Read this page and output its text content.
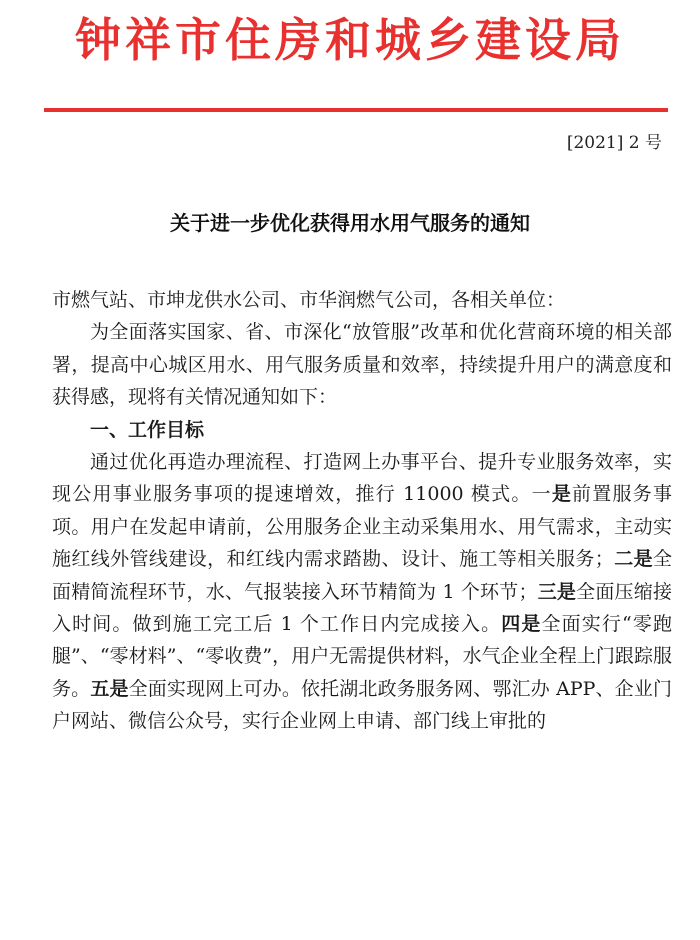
钟祥市住房和城乡建设局
[2021] 2 号
关于进一步优化获得用水用气服务的通知

市燃气站、市坤龙供水公司、市华润燃气公司，各相关单位：

为全面落实国家、省、市深化“放管服”改革和优化营商环境的相关部署，提高中心城区用水、用气服务质量和效率，持续提升用户的满意度和获得感，现将有关情况通知如下：

一、工作目标

通过优化再造办理流程、打造网上办事平台、提升专业服务效率，实现公用事业服务事项的提速增效，推行 11000 模式。一是前置服务事项。用户在发起申请前，公用服务企业主动采集用水、用气需求，主动实施红线外管线建设，和红线内需求踏勘、设计、施工等相关服务；二是全面精简流程环节，水、气报装接入环节精简为 1 个环节；三是全面压缩接入时间。做到施工完工后 1 个工作日内完成接入。四是全面实行“零跑腿”、“零材料”、“零收费”，用户无需提供材料，水气企业全程上门跟踪服务。五是全面实现网上可办。依托湖北政务服务网、鄂汇办 APP、企业门户网站、微信公众号，实行企业网上申请、部门线上审批的
